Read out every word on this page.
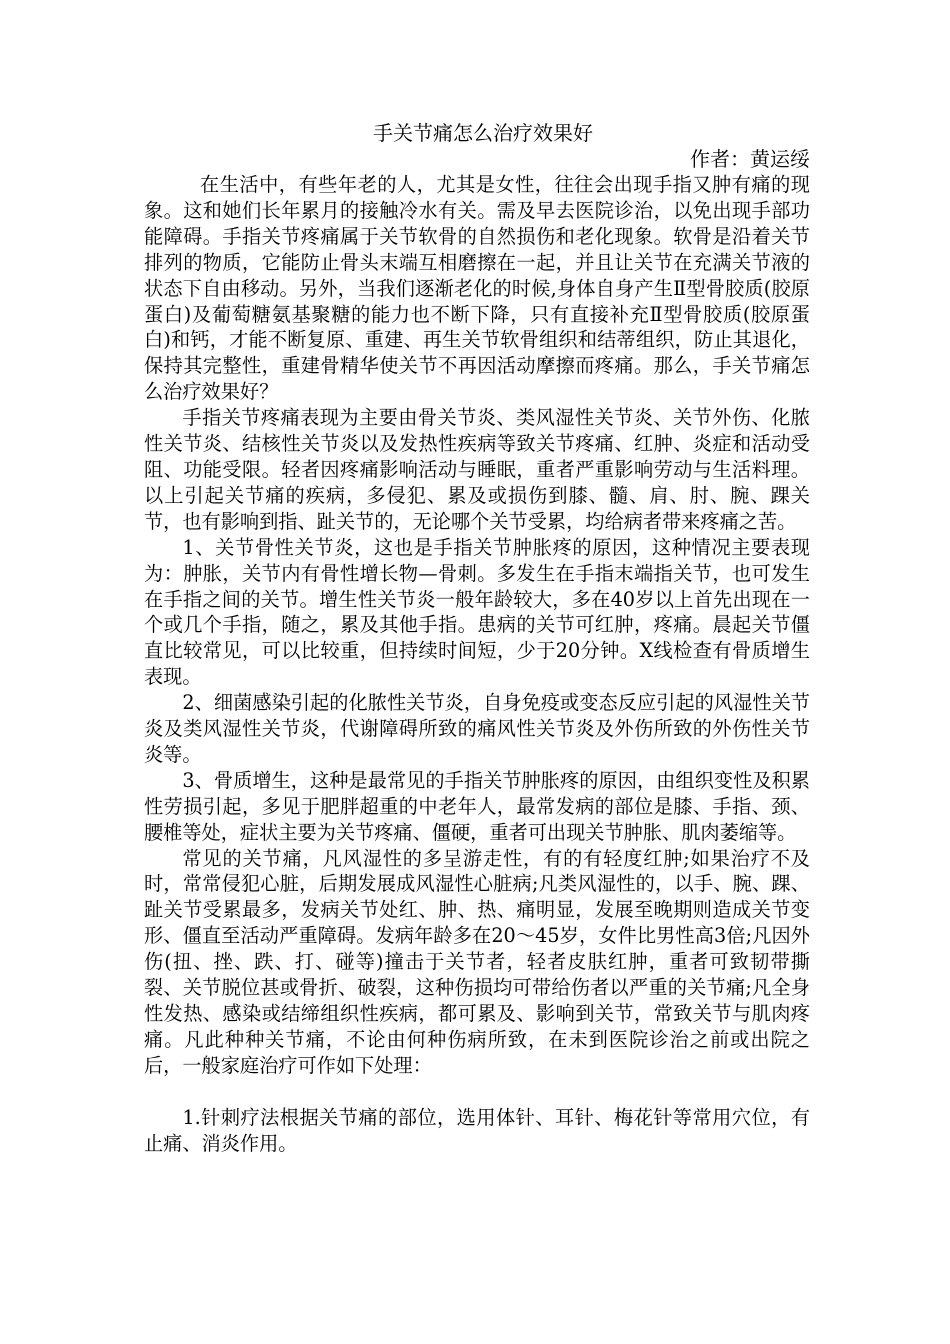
手关节痛怎么治疗效果好

作者：黄运绥

在生活中，有些年老的人，尤其是女性，往往会出现手指又肿有痛的现象。这和她们长年累月的接触冷水有关。需及早去医院诊治，以免出现手部功能障碍。手指关节疼痛属于关节软骨的自然损伤和老化现象。软骨是沿着关节排列的物质，它能防止骨头末端互相磨擦在一起，并且让关节在充满关节液的状态下自由移动。另外，当我们逐渐老化的时候,身体自身产生Ⅱ型骨胶质(胶原蛋白)及葡萄糖氨基聚糖的能力也不断下降，只有直接补充Ⅱ型骨胶质(胶原蛋白)和钙，才能不断复原、重建、再生关节软骨组织和结蒂组织，防止其退化，保持其完整性，重建骨精华使关节不再因活动摩擦而疼痛。那么，手关节痛怎么治疗效果好？

手指关节疼痛表现为主要由骨关节炎、类风湿性关节炎、关节外伤、化脓性关节炎、结核性关节炎以及发热性疾病等致关节疼痛、红肿、炎症和活动受阻、功能受限。轻者因疼痛影响活动与睡眠，重者严重影响劳动与生活料理。以上引起关节痛的疾病，多侵犯、累及或损伤到膝、髓、肩、肘、腕、踝关节，也有影响到指、趾关节的，无论哪个关节受累，均给病者带来疼痛之苦。

1、关节骨性关节炎，这也是手指关节肿胀疼的原因，这种情况主要表现为：肿胀，关节内有骨性增长物—骨刺。多发生在手指末端指关节，也可发生在手指之间的关节。增生性关节炎一般年龄较大，多在40岁以上首先出现在一个或几个手指，随之，累及其他手指。患病的关节可红肿，疼痛。晨起关节僵直比较常见，可以比较重，但持续时间短，少于20分钟。X线检查有骨质增生表现。

2、细菌感染引起的化脓性关节炎，自身免疫或变态反应引起的风湿性关节炎及类风湿性关节炎，代谢障碍所致的痛风性关节炎及外伤所致的外伤性关节炎等。

3、骨质增生，这种是最常见的手指关节肿胀疼的原因，由组织变性及积累性劳损引起，多见于肥胖超重的中老年人，最常发病的部位是膝、手指、颈、腰椎等处，症状主要为关节疼痛、僵硬，重者可出现关节肿胀、肌肉萎缩等。

常见的关节痛，凡风湿性的多呈游走性，有的有轻度红肿;如果治疗不及时，常常侵犯心脏，后期发展成风湿性心脏病;凡类风湿性的，以手、腕、踝、趾关节受累最多，发病关节处红、肿、热、痛明显，发展至晚期则造成关节变形、僵直至活动严重障碍。发病年龄多在20～45岁，女件比男性高3倍;凡因外伤(扭、挫、跌、打、碰等)撞击于关节者，轻者皮肤红肿，重者可致韧带撕裂、关节脱位甚或骨折、破裂，这种伤损均可带给伤者以严重的关节痛;凡全身性发热、感染或结缔组织性疾病，都可累及、影响到关节，常致关节与肌肉疼痛。凡此种种关节痛，不论由何种伤病所致，在未到医院诊治之前或出院之后，一般家庭治疗可作如下处理：

1.针刺疗法根据关节痛的部位，选用体针、耳针、梅花针等常用穴位，有止痛、消炎作用。
